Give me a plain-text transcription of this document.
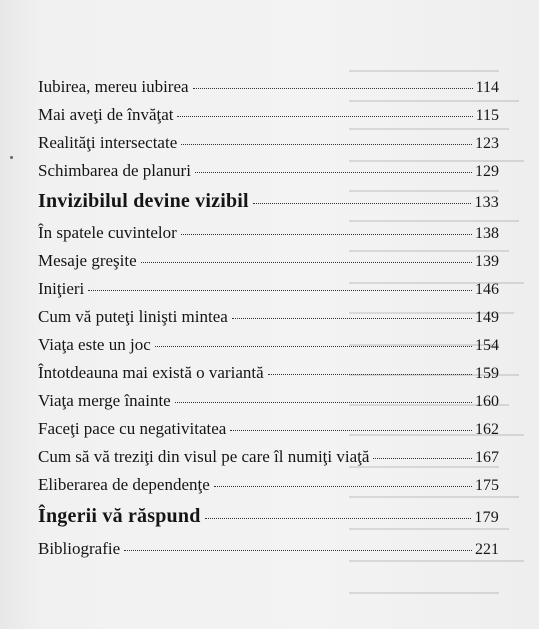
Iubirea, mereu iubirea	114
Mai aveţi de învăţat	115
Realităţi intersectate	123
Schimbarea de planuri	129
Invizibilul devine vizibil	133
În spatele cuvintelor	138
Mesaje greşite	139
Iniţieri	146
Cum vă puteţi linişti mintea	149
Viaţa este un joc	154
Întotdeauna mai există o variantă	159
Viaţa merge înainte	160
Faceţi pace cu negativitatea	162
Cum să vă treziţi din visul pe care îl numiţi viaţă	167
Eliberarea de dependenţe	175
Îngerii vă răspund	179
Bibliografie	221
